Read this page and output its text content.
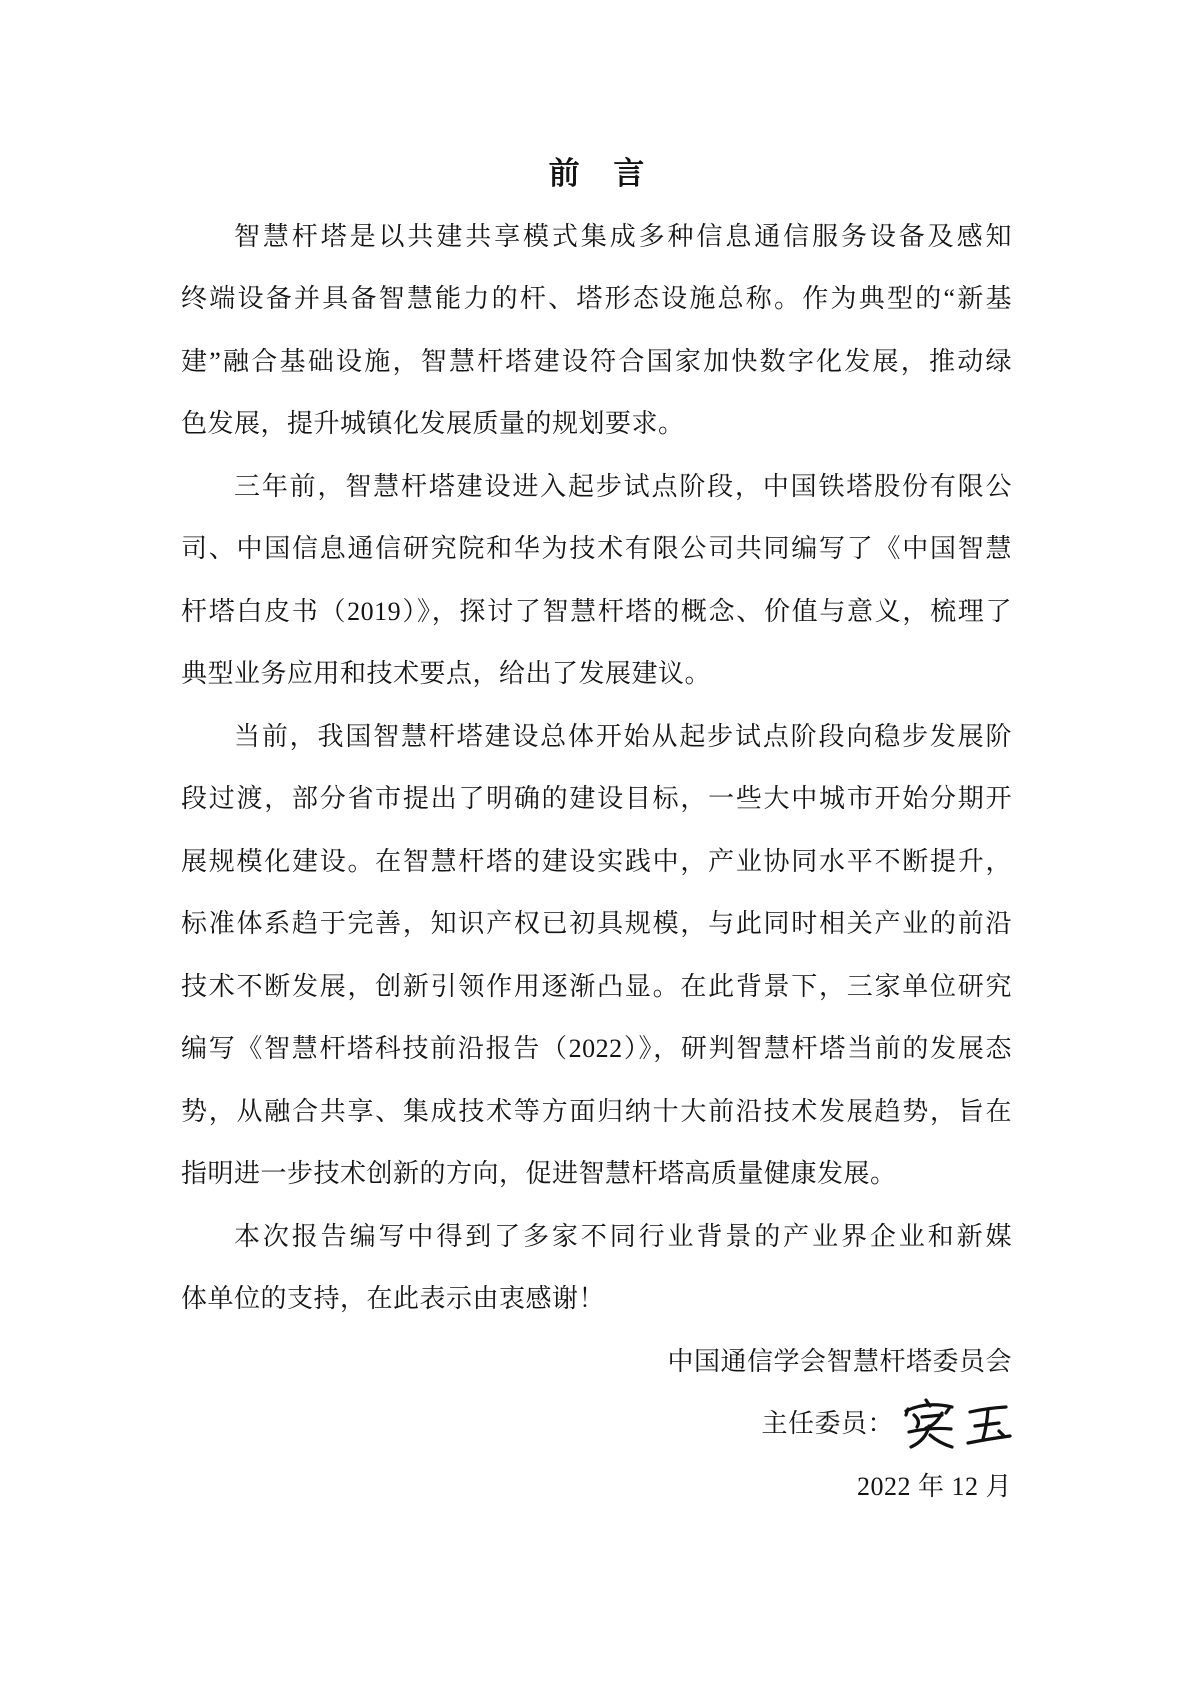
前 言
智慧杆塔是以共建共享模式集成多种信息通信服务设备及感知
终端设备并具备智慧能力的杆、塔形态设施总称。作为典型的“新基
建”融合基础设施，智慧杆塔建设符合国家加快数字化发展，推动绿
色发展，提升城镇化发展质量的规划要求。
三年前，智慧杆塔建设进入起步试点阶段，中国铁塔股份有限公
司、中国信息通信研究院和华为技术有限公司共同编写了《中国智慧
杆塔白皮书（2019）》，探讨了智慧杆塔的概念、价值与意义，梳理了
典型业务应用和技术要点，给出了发展建议。
当前，我国智慧杆塔建设总体开始从起步试点阶段向稳步发展阶
段过渡，部分省市提出了明确的建设目标，一些大中城市开始分期开
展规模化建设。在智慧杆塔的建设实践中，产业协同水平不断提升，
标准体系趋于完善，知识产权已初具规模，与此同时相关产业的前沿
技术不断发展，创新引领作用逐渐凸显。在此背景下，三家单位研究
编写《智慧杆塔科技前沿报告（2022）》，研判智慧杆塔当前的发展态
势，从融合共享、集成技术等方面归纳十大前沿技术发展趋势，旨在
指明进一步技术创新的方向，促进智慧杆塔高质量健康发展。
本次报告编写中得到了多家不同行业背景的产业界企业和新媒
体单位的支持，在此表示由衷感谢！
中国通信学会智慧杆塔委员会
主任委员：
2022 年 12 月
